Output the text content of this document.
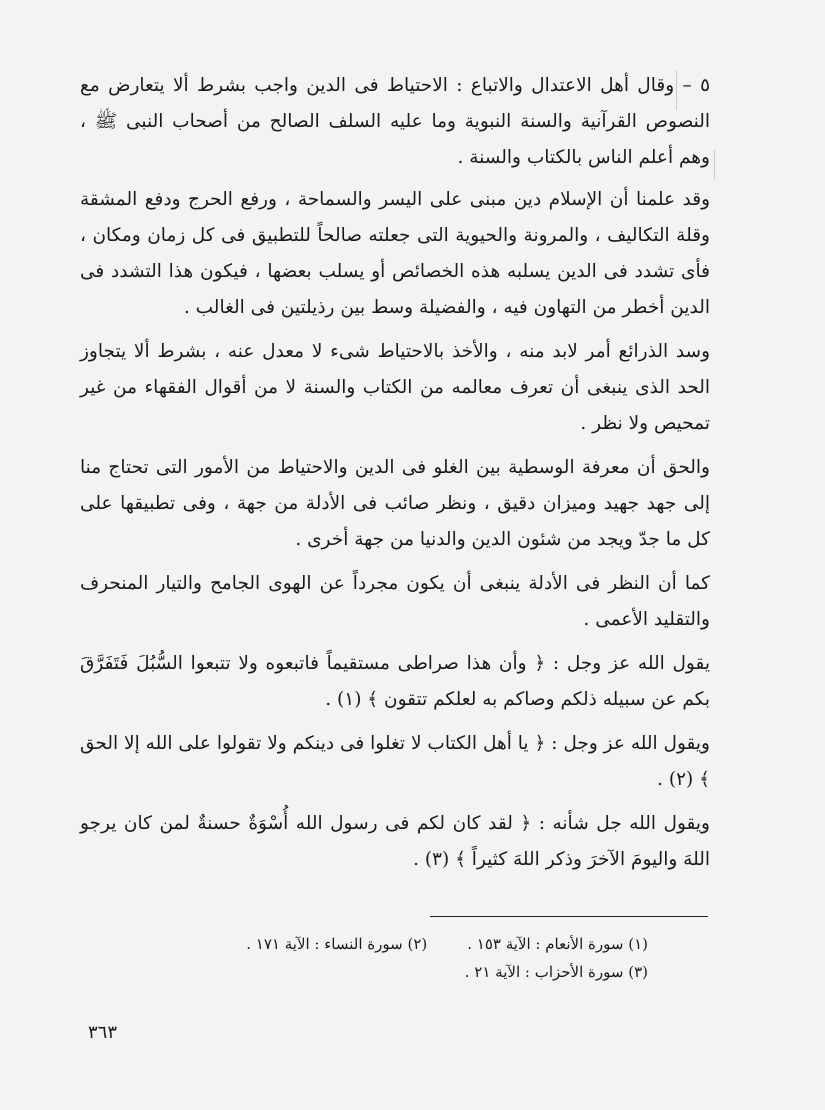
٥ – وقال أهل الاعتدال والاتباع : الاحتياط فى الدين واجب بشرط ألا يتعارض مع النصوص القرآنية والسنة النبوية وما عليه السلف الصالح من أصحاب النبى ﷺ ، وهم أعلم الناس بالكتاب والسنة .

وقد علمنا أن الإسلام دين مبنى على اليسر والسماحة ، ورفع الحرج ودفع المشقة وقلة التكاليف ، والمرونة والحيوية التى جعلته صالحاً للتطبيق فى كل زمان ومكان ، فأى تشدد فى الدين يسلبه هذه الخصائص أو يسلب بعضها ، فيكون هذا التشدد فى الدين أخطر من التهاون فيه ، والفضيلة وسط بين رذيلتين فى الغالب .

وسد الذرائع أمر لابد منه ، والأخذ بالاحتياط شىء لا معدل عنه ، بشرط ألا يتجاوز الحد الذى ينبغى أن تعرف معالمه من الكتاب والسنة لا من أقوال الفقهاء من غير تمحيص ولا نظر .

والحق أن معرفة الوسطية بين الغلو فى الدين والاحتياط من الأمور التى تحتاج منا إلى جهد جهيد وميزان دقيق ، ونظر صائب فى الأدلة من جهة ، وفى تطبيقها على كل ما جدّ ويجد من شئون الدين والدنيا من جهة أخرى .

كما أن النظر فى الأدلة ينبغى أن يكون مجرداً عن الهوى الجامح والتيار المنحرف والتقليد الأعمى .

يقول الله عز وجل : ﴿ وأن هذا صراطى مستقيماً فاتبعوه ولا تتبعوا السُّبُلَ فَتَفَرَّقَ بكم عن سبيله ذلكم وصاكم به لعلكم تتقون ﴾ (١) .

ويقول الله عز وجل : ﴿ يا أهل الكتاب لا تغلوا فى دينكم ولا تقولوا على الله إلا الحق ﴾ (٢) .

ويقول الله جل شأنه : ﴿ لقد كان لكم فى رسول الله أُسْوَةٌ حسنةٌ لمن كان يرجو اللهَ واليومَ الآخرَ وذكر اللهَ كثيراً ﴾ (٣) .

(١) سورة الأنعام : الآية ١٥٣ .
(٢) سورة النساء : الآية ١٧١ .
(٣) سورة الأحزاب : الآية ٢١ .
٣٦٣
